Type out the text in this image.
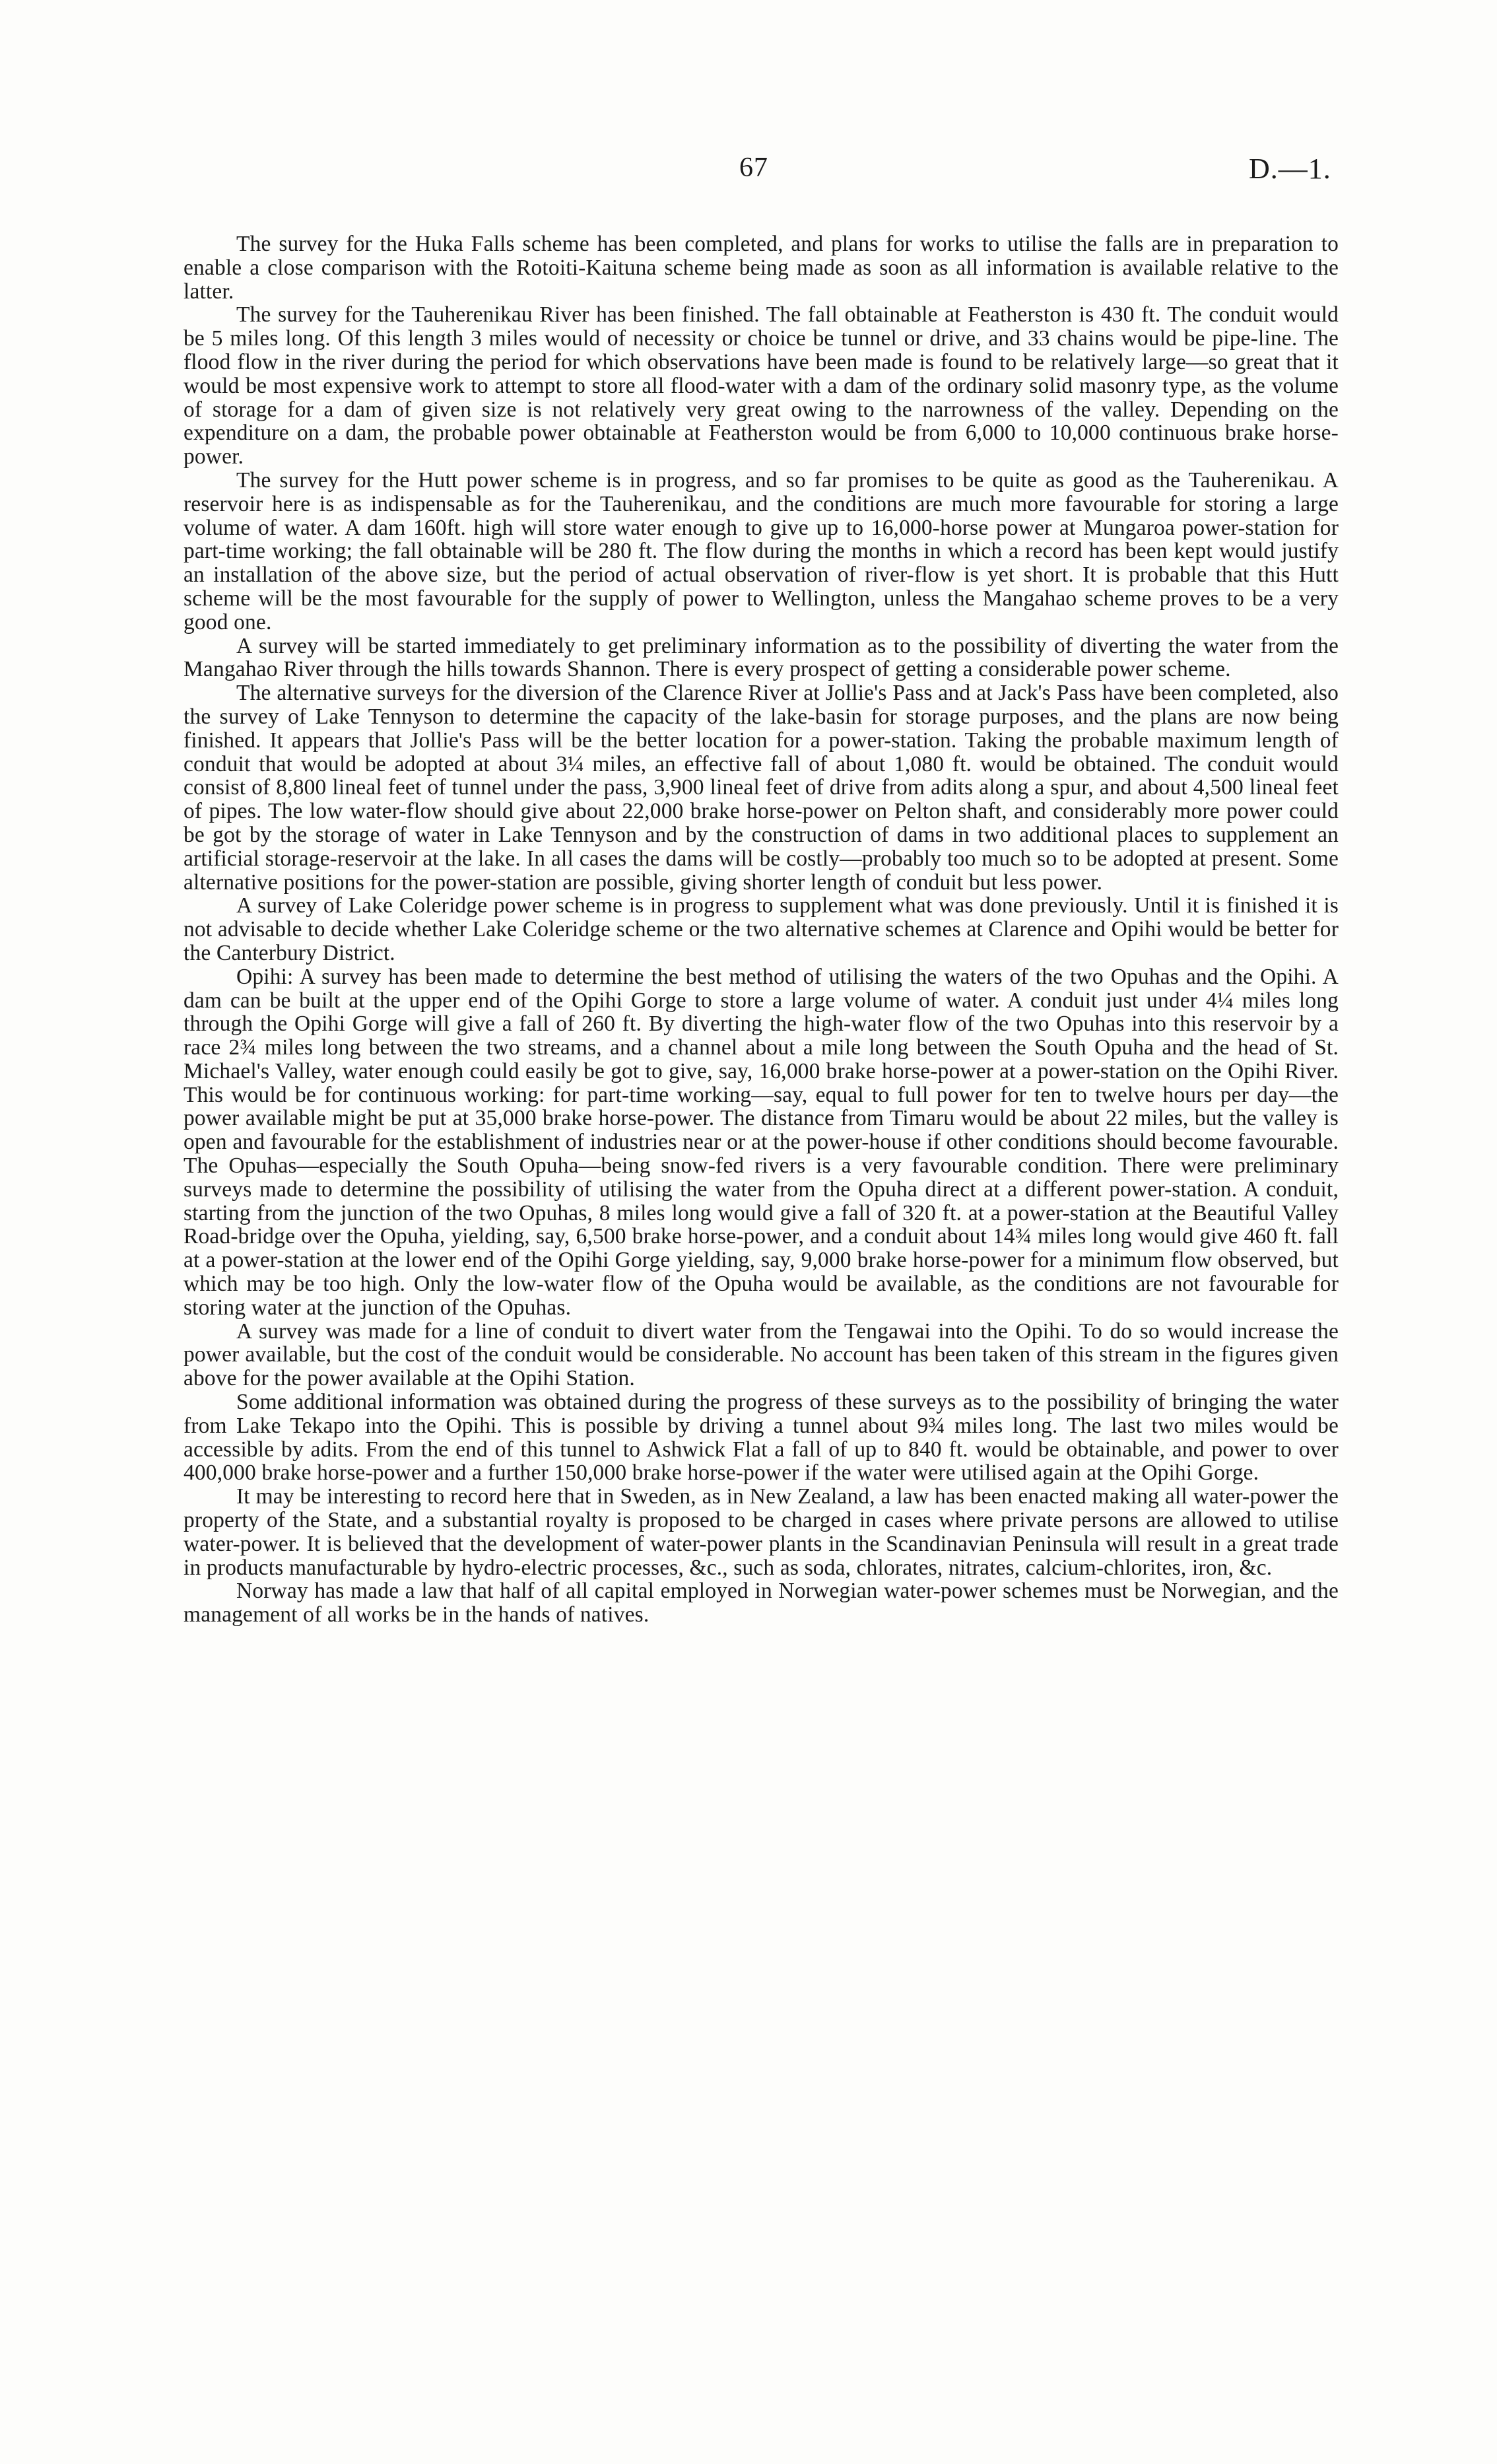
67	D.—1.

The survey for the Huka Falls scheme has been completed, and plans for works to utilise the falls are in preparation to enable a close comparison with the Rotoiti-Kaituna scheme being made as soon as all information is available relative to the latter.

The survey for the Tauherenikau River has been finished. The fall obtainable at Featherston is 430 ft. The conduit would be 5 miles long. Of this length 3 miles would of necessity or choice be tunnel or drive, and 33 chains would be pipe-line. The flood flow in the river during the period for which observations have been made is found to be relatively large—so great that it would be most expensive work to attempt to store all flood-water with a dam of the ordinary solid masonry type, as the volume of storage for a dam of given size is not relatively very great owing to the narrowness of the valley. Depending on the expenditure on a dam, the probable power obtainable at Featherston would be from 6,000 to 10,000 continuous brake horse-power.

The survey for the Hutt power scheme is in progress, and so far promises to be quite as good as the Tauherenikau. A reservoir here is as indispensable as for the Tauherenikau, and the conditions are much more favourable for storing a large volume of water. A dam 160ft. high will store water enough to give up to 16,000-horse power at Mungaroa power-station for part-time working; the fall obtainable will be 280 ft. The flow during the months in which a record has been kept would justify an installation of the above size, but the period of actual observation of river-flow is yet short. It is probable that this Hutt scheme will be the most favourable for the supply of power to Wellington, unless the Mangahao scheme proves to be a very good one.

A survey will be started immediately to get preliminary information as to the possibility of diverting the water from the Mangahao River through the hills towards Shannon. There is every prospect of getting a considerable power scheme.

The alternative surveys for the diversion of the Clarence River at Jollie's Pass and at Jack's Pass have been completed, also the survey of Lake Tennyson to determine the capacity of the lake-basin for storage purposes, and the plans are now being finished. It appears that Jollie's Pass will be the better location for a power-station. Taking the probable maximum length of conduit that would be adopted at about 3¼ miles, an effective fall of about 1,080 ft. would be obtained. The conduit would consist of 8,800 lineal feet of tunnel under the pass, 3,900 lineal feet of drive from adits along a spur, and about 4,500 lineal feet of pipes. The low water-flow should give about 22,000 brake horse-power on Pelton shaft, and considerably more power could be got by the storage of water in Lake Tennyson and by the construction of dams in two additional places to supplement an artificial storage-reservoir at the lake. In all cases the dams will be costly—probably too much so to be adopted at present. Some alternative positions for the power-station are possible, giving shorter length of conduit but less power.

A survey of Lake Coleridge power scheme is in progress to supplement what was done previously. Until it is finished it is not advisable to decide whether Lake Coleridge scheme or the two alternative schemes at Clarence and Opihi would be better for the Canterbury District.

Opihi: A survey has been made to determine the best method of utilising the waters of the two Opuhas and the Opihi. A dam can be built at the upper end of the Opihi Gorge to store a large volume of water. A conduit just under 4¼ miles long through the Opihi Gorge will give a fall of 260 ft. By diverting the high-water flow of the two Opuhas into this reservoir by a race 2¾ miles long between the two streams, and a channel about a mile long between the South Opuha and the head of St. Michael's Valley, water enough could easily be got to give, say, 16,000 brake horse-power at a power-station on the Opihi River. This would be for continuous working: for part-time working—say, equal to full power for ten to twelve hours per day—the power available might be put at 35,000 brake horse-power. The distance from Timaru would be about 22 miles, but the valley is open and favourable for the establishment of industries near or at the power-house if other conditions should become favourable. The Opuhas—especially the South Opuha—being snow-fed rivers is a very favourable condition. There were preliminary surveys made to determine the possibility of utilising the water from the Opuha direct at a different power-station. A conduit, starting from the junction of the two Opuhas, 8 miles long would give a fall of 320 ft. at a power-station at the Beautiful Valley Road-bridge over the Opuha, yielding, say, 6,500 brake horse-power, and a conduit about 14¾ miles long would give 460 ft. fall at a power-station at the lower end of the Opihi Gorge yielding, say, 9,000 brake horse-power for a minimum flow observed, but which may be too high. Only the low-water flow of the Opuha would be available, as the conditions are not favourable for storing water at the junction of the Opuhas.

A survey was made for a line of conduit to divert water from the Tengawai into the Opihi. To do so would increase the power available, but the cost of the conduit would be considerable. No account has been taken of this stream in the figures given above for the power available at the Opihi Station.

Some additional information was obtained during the progress of these surveys as to the possibility of bringing the water from Lake Tekapo into the Opihi. This is possible by driving a tunnel about 9¾ miles long. The last two miles would be accessible by adits. From the end of this tunnel to Ashwick Flat a fall of up to 840 ft. would be obtainable, and power to over 400,000 brake horse-power and a further 150,000 brake horse-power if the water were utilised again at the Opihi Gorge.

It may be interesting to record here that in Sweden, as in New Zealand, a law has been enacted making all water-power the property of the State, and a substantial royalty is proposed to be charged in cases where private persons are allowed to utilise water-power. It is believed that the development of water-power plants in the Scandinavian Peninsula will result in a great trade in products manufacturable by hydro-electric processes, &c., such as soda, chlorates, nitrates, calcium-chlorites, iron, &c.

Norway has made a law that half of all capital employed in Norwegian water-power schemes must be Norwegian, and the management of all works be in the hands of natives.
